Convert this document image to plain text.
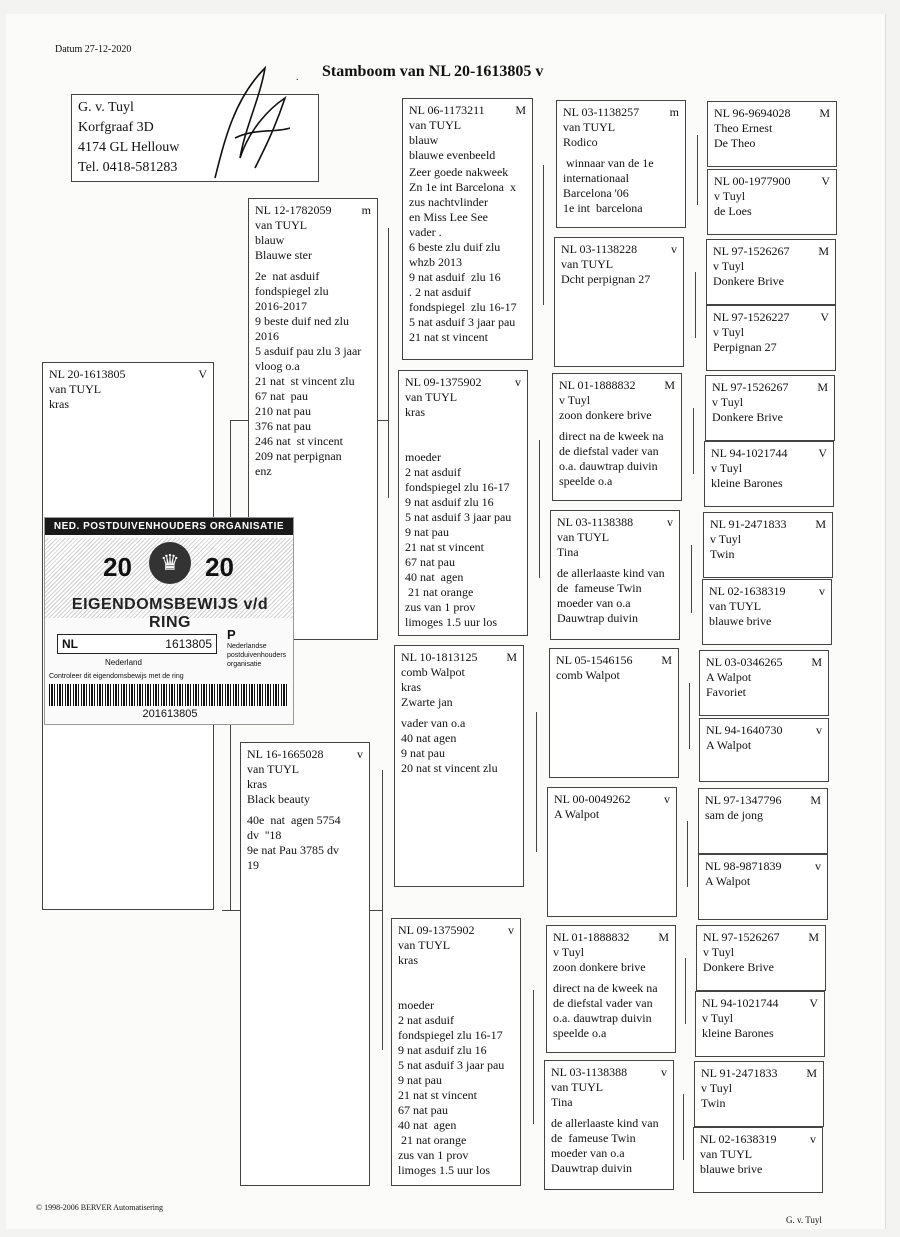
Datum 27-12-2020
Stamboom van NL 20-1613805 v
.
G. v. Tuyl
Korfgraaf 3D
4174 GL Hellouw
Tel. 0418-581283
NL 20-1613805	V
van TUYL
kras
NL 12-1782059	m
van TUYL
blauw
Blauwe ster
2e  nat asduif
fondspiegel zlu
2016-2017
9 beste duif ned zlu
2016
5 asduif pau zlu 3 jaar
vloog o.a
21 nat  st vincent zlu
67 nat  pau
210 nat pau
376 nat pau
246 nat  st vincent
209 nat perpignan
enz
NL 16-1665028	v
van TUYL
kras
Black beauty
40e  nat  agen 5754
dv  ''18
9e nat Pau 3785 dv
19
NL 06-1173211	M
van TUYL
blauw
blauwe evenbeeld
Zeer goede nakweek
Zn 1e int Barcelona  x
zus nachtvlinder
en Miss Lee See
vader .
6 beste zlu duif zlu
whzb 2013
9 nat asduif  zlu 16
. 2 nat asduif
fondspiegel  zlu 16-17
5 nat asduif 3 jaar pau
21 nat st vincent
NL 09-1375902	v
van TUYL
kras
moeder
2 nat asduif
fondspiegel zlu 16-17
9 nat asduif zlu 16
5 nat asduif 3 jaar pau
9 nat pau
21 nat st vincent
67 nat pau
40 nat  agen
21 nat orange
zus van 1 prov
limoges 1.5 uur los
NL 10-1813125 M
comb Walpot
kras
Zwarte jan
vader van o.a
40 nat agen
9 nat pau
20 nat st vincent zlu
NL 09-1375902	v
van TUYL
kras
moeder
2 nat asduif
fondspiegel zlu 16-17
9 nat asduif zlu 16
5 nat asduif 3 jaar pau
9 nat pau
21 nat st vincent
67 nat pau
40 nat  agen
21 nat orange
zus van 1 prov
limoges 1.5 uur los
NL 03-1138257	m
van TUYL
Rodico
winnaar van de 1e
internationaal
Barcelona '06
1e int  barcelona
NL 03-1138228	v
van TUYL
Dcht perpignan 27
NL 01-1888832 M
v Tuyl
zoon donkere brive
direct na de kweek na
de diefstal vader van
o.a. dauwtrap duivin
speelde o.a
NL 03-1138388	v
van TUYL
Tina
de allerlaaste kind van
de  fameuse Twin
moeder van o.a
Dauwtrap duivin
NL 05-1546156 M
comb Walpot
NL 00-0049262	v
A Walpot
NL 01-1888832 M
v Tuyl
zoon donkere brive
direct na de kweek na
de diefstal vader van
o.a. dauwtrap duivin
speelde o.a
NL 03-1138388	v
van TUYL
Tina
de allerlaaste kind van
de  fameuse Twin
moeder van o.a
Dauwtrap duivin
NL 96-9694028 M
Theo Ernest
De Theo
NL 00-1977900	V
v Tuyl
de Loes
NL 97-1526267 M
v Tuyl
Donkere Brive
NL 97-1526227	V
v Tuyl
Perpignan 27
NL 97-1526267 M
v Tuyl
Donkere Brive
NL 94-1021744	V
v Tuyl
kleine Barones
NL 91-2471833 M
v Tuyl
Twin
NL 02-1638319	v
van TUYL
blauwe brive
NL 03-0346265 M
A Walpot
Favoriet
NL 94-1640730	v
A Walpot
NL 97-1347796 M
sam de jong
NL 98-9871839	v
A Walpot
NL 97-1526267 M
v Tuyl
Donkere Brive
NL 94-1021744	V
v Tuyl
kleine Barones
NL 91-2471833 M
v Tuyl
Twin
NL 02-1638319	v
van TUYL
blauwe brive
NED. POSTDUIVENHOUDERS ORGANISATIE
20	♛ 20
EIGENDOMSBEWIJS v/d RING
NL	1613805
P
Nederlandse postduivenhouders organisatie
Nederland
Controleer dit eigendomsbewijs met de ring
201613805
© 1998-2006 BERVER Automatisering
G. v. Tuyl
